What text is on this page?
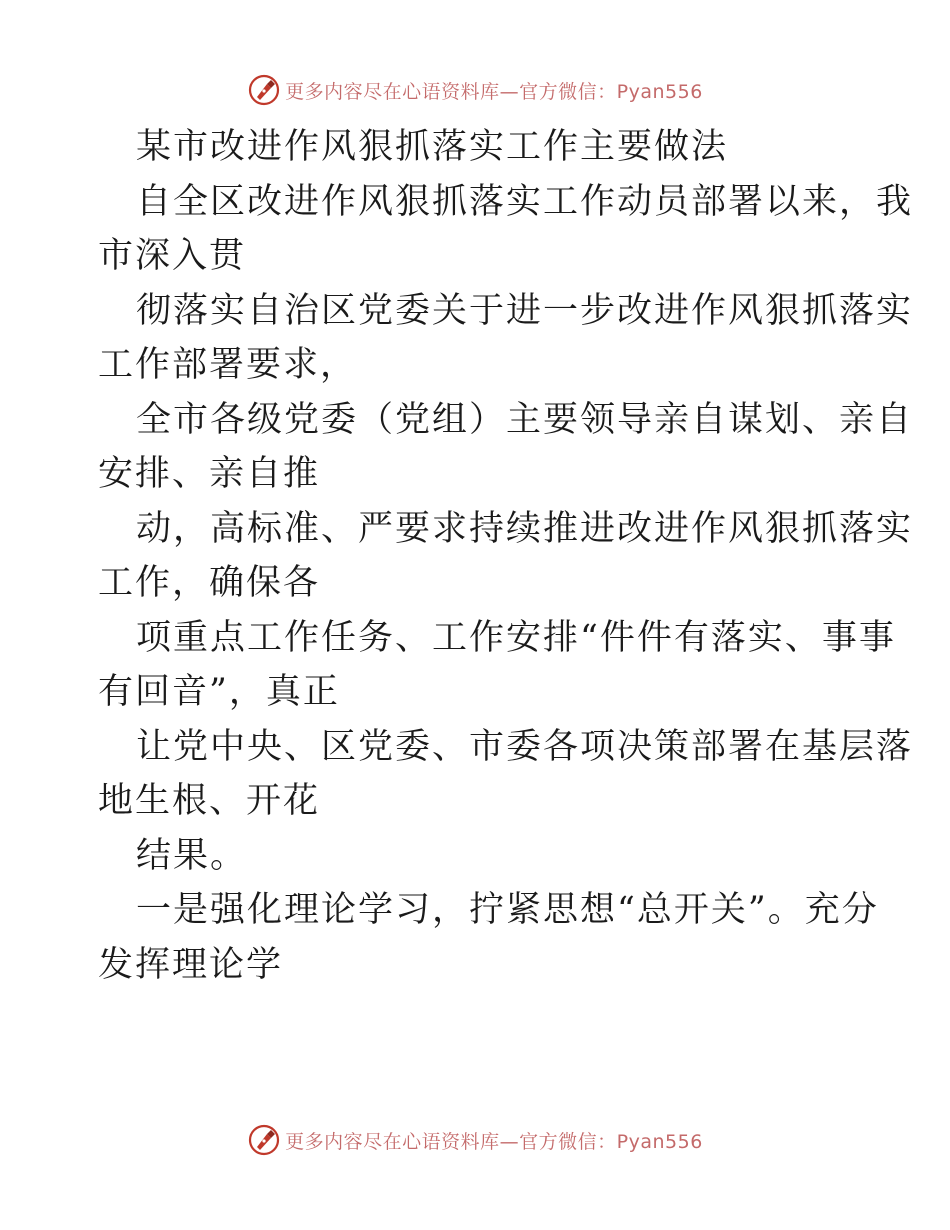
更多内容尽在心语资料库—官方微信：Pyan556
某市改进作风狠抓落实工作主要做法
自全区改进作风狠抓落实工作动员部署以来，我
市深入贯
彻落实自治区党委关于进一步改进作风狠抓落实
工作部署要求，
全市各级党委（党组）主要领导亲自谋划、亲自
安排、亲自推
动，高标准、严要求持续推进改进作风狠抓落实
工作，确保各
项重点工作任务、工作安排“件件有落实、事事
有回音”，真正
让党中央、区党委、市委各项决策部署在基层落
地生根、开花
结果。
一是强化理论学习，拧紧思想“总开关”。充分
发挥理论学
更多内容尽在心语资料库—官方微信：Pyan556
